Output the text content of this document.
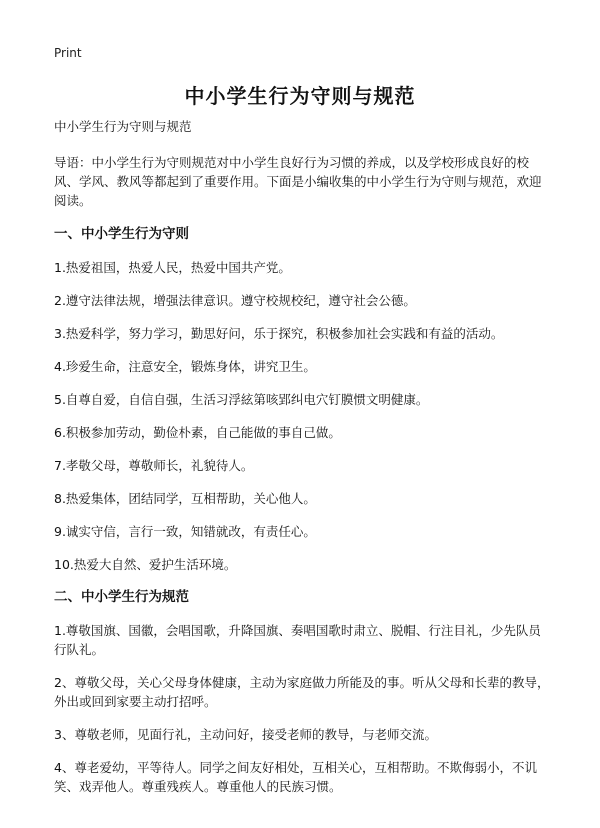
Print
中小学生行为守则与规范

中小学生行为守则与规范

导语：中小学生行为守则规范对中小学生良好行为习惯的养成，以及学校形成良好的校风、学风、教风等都起到了重要作用。下面是小编收集的中小学生行为守则与规范，欢迎阅读。

一、中小学生行为守则

1.热爱祖国，热爱人民，热爱中国共产党。

2.遵守法律法规，增强法律意识。遵守校规校纪，遵守社会公德。

3.热爱科学，努力学习，勤思好问，乐于探究，积极参加社会实践和有益的活动。

4.珍爱生命，注意安全，锻炼身体，讲究卫生。

5.自尊自爱，自信自强，生活习浮絃第咳郢纠电穴钉膜惯文明健康。

6.积极参加劳动，勤俭朴素，自己能做的事自己做。

7.孝敬父母，尊敬师长，礼貌待人。

8.热爱集体，团结同学，互相帮助，关心他人。

9.诚实守信，言行一致，知错就改，有责任心。

10.热爱大自然、爱护生活环境。

二、中小学生行为规范

1.尊敬国旗、国徽，会唱国歌，升降国旗、奏唱国歌时肃立、脱帽、行注目礼，少先队员行队礼。

2、尊敬父母，关心父母身体健康，主动为家庭做力所能及的事。听从父母和长辈的教导，外出或回到家要主动打招呼。

3、尊敬老师，见面行礼，主动问好，接受老师的教导，与老师交流。

4、尊老爱幼，平等待人。同学之间友好相处，互相关心，互相帮助。不欺侮弱小，不讥笑、戏弄他人。尊重残疾人。尊重他人的民族习惯。
